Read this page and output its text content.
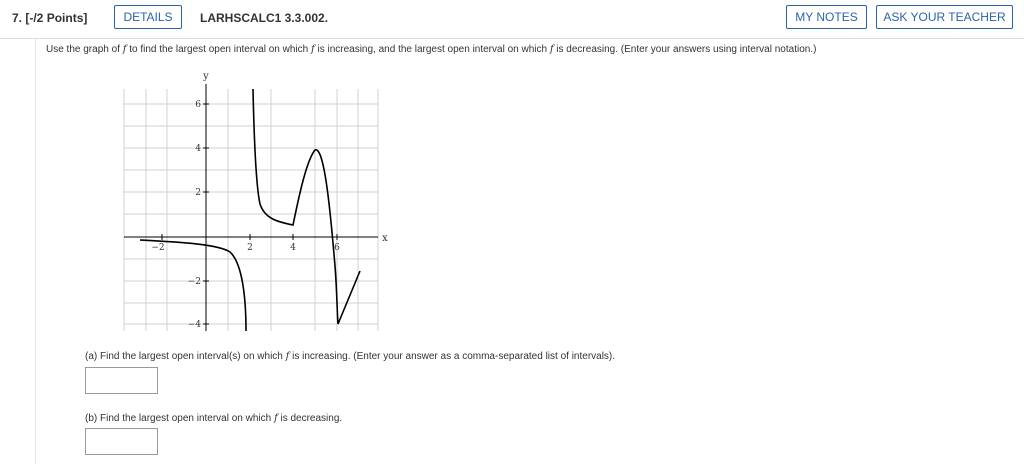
7. [-/2 Points]	DETAILS	LARHSCALC1 3.3.002.	MY NOTES	ASK YOUR TEACHER
Use the graph of f to find the largest open interval on which f is increasing, and the largest open interval on which f is decreasing. (Enter your answers using interval notation.)
−2	2	4	6
6
4
2
−2
−4
y
x
(a) Find the largest open interval(s) on which f is increasing. (Enter your answer as a comma-separated list of intervals).
(b) Find the largest open interval on which f is decreasing.
